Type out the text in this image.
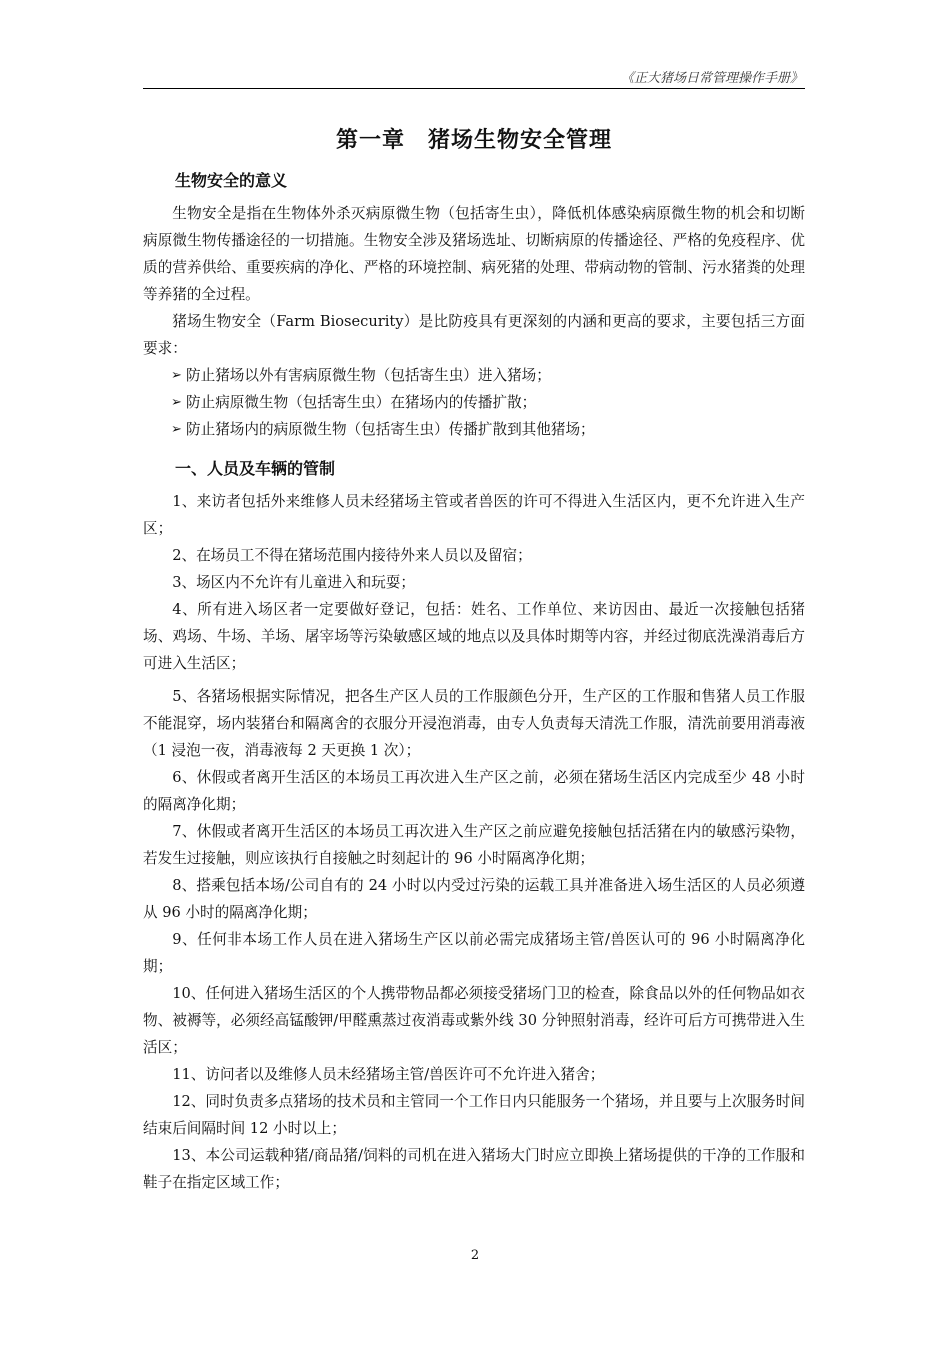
《正大猪场日常管理操作手册》
第一章　猪场生物安全管理
生物安全的意义

生物安全是指在生物体外杀灭病原微生物（包括寄生虫），降低机体感染病原微生物的机会和切断病原微生物传播途径的一切措施。生物安全涉及猪场选址、切断病原的传播途径、严格的免疫程序、优质的营养供给、重要疾病的净化、严格的环境控制、病死猪的处理、带病动物的管制、污水猪粪的处理等养猪的全过程。

猪场生物安全（Farm Biosecurity）是比防疫具有更深刻的内涵和更高的要求，主要包括三方面要求：

➢ 防止猪场以外有害病原微生物（包括寄生虫）进入猪场；
➢ 防止病原微生物（包括寄生虫）在猪场内的传播扩散；
➢ 防止猪场内的病原微生物（包括寄生虫）传播扩散到其他猪场；
一、人员及车辆的管制

1、来访者包括外来维修人员未经猪场主管或者兽医的许可不得进入生活区内，更不允许进入生产区；

2、在场员工不得在猪场范围内接待外来人员以及留宿；

3、场区内不允许有儿童进入和玩耍；

4、所有进入场区者一定要做好登记，包括：姓名、工作单位、来访因由、最近一次接触包括猪场、鸡场、牛场、羊场、屠宰场等污染敏感区域的地点以及具体时期等内容，并经过彻底洗澡消毒后方可进入生活区；

5、各猪场根据实际情况，把各生产区人员的工作服颜色分开，生产区的工作服和售猪人员工作服不能混穿，场内装猪台和隔离舍的衣服分开浸泡消毒，由专人负责每天清洗工作服，清洗前要用消毒液（1 浸泡一夜，消毒液每 2 天更换 1 次）；

6、休假或者离开生活区的本场员工再次进入生产区之前，必须在猪场生活区内完成至少 48 小时的隔离净化期；

7、休假或者离开生活区的本场员工再次进入生产区之前应避免接触包括活猪在内的敏感污染物，若发生过接触，则应该执行自接触之时刻起计的 96 小时隔离净化期；

8、搭乘包括本场/公司自有的 24 小时以内受过污染的运载工具并准备进入场生活区的人员必须遵从 96 小时的隔离净化期；

9、任何非本场工作人员在进入猪场生产区以前必需完成猪场主管/兽医认可的 96 小时隔离净化期；

10、任何进入猪场生活区的个人携带物品都必须接受猪场门卫的检查，除食品以外的任何物品如衣物、被褥等，必须经高锰酸钾/甲醛熏蒸过夜消毒或紫外线 30 分钟照射消毒，经许可后方可携带进入生活区；

11、访问者以及维修人员未经猪场主管/兽医许可不允许进入猪舍；

12、同时负责多点猪场的技术员和主管同一个工作日内只能服务一个猪场，并且要与上次服务时间结束后间隔时间 12 小时以上；

13、本公司运载种猪/商品猪/饲料的司机在进入猪场大门时应立即换上猪场提供的干净的工作服和鞋子在指定区域工作；

2
